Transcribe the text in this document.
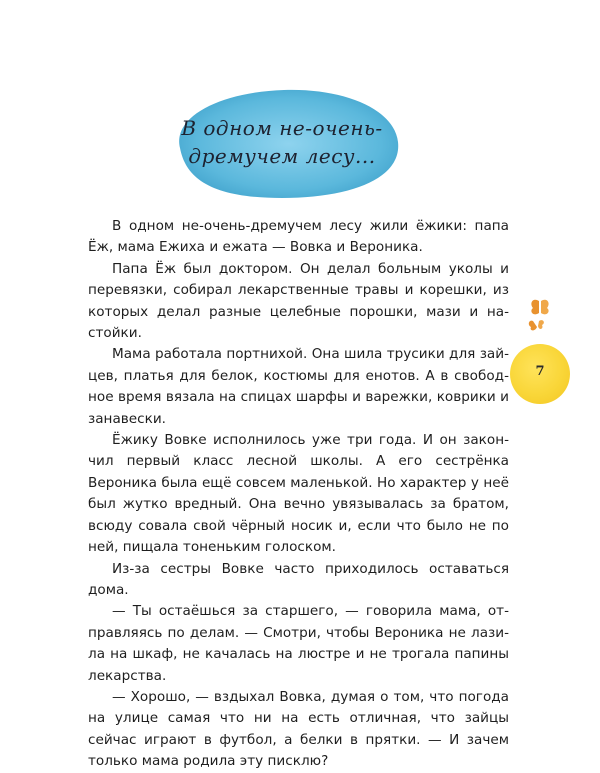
В одном не-очень-
дремучем лесу...

В одном не-очень-дремучем лесу жили ёжики: папа Ёж, мама Ежиха и ежата — Вовка и Вероника.

Папа Ёж был доктором. Он делал больным уколы и перевязки, собирал лекарственные травы и корешки, из которых делал разные целебные порошки, мази и настойки.

Мама работала портнихой. Она шила трусики для зайцев, платья для белок, костюмы для енотов. А в свободное время вязала на спицах шарфы и варежки, коврики и занавески.

Ёжику Вовке исполнилось уже три года. И он закончил первый класс лесной школы. А его сестрёнка Вероника была ещё совсем маленькой. Но характер у неё был жутко вредный. Она вечно увязывалась за братом, всюду совала свой чёрный носик и, если что было не по ней, пищала тоненьким голоском.

Из-за сестры Вовке часто приходилось оставаться дома.

— Ты остаёшься за старшего, — говорила мама, отправляясь по делам. — Смотри, чтобы Вероника не лазила на шкаф, не качалась на люстре и не трогала папины лекарства.

— Хорошо, — вздыхал Вовка, думая о том, что погода на улице самая что ни на есть отличная, что зайцы сейчас играют в футбол, а белки в прятки. — И зачем только мама родила эту писклю?

7
